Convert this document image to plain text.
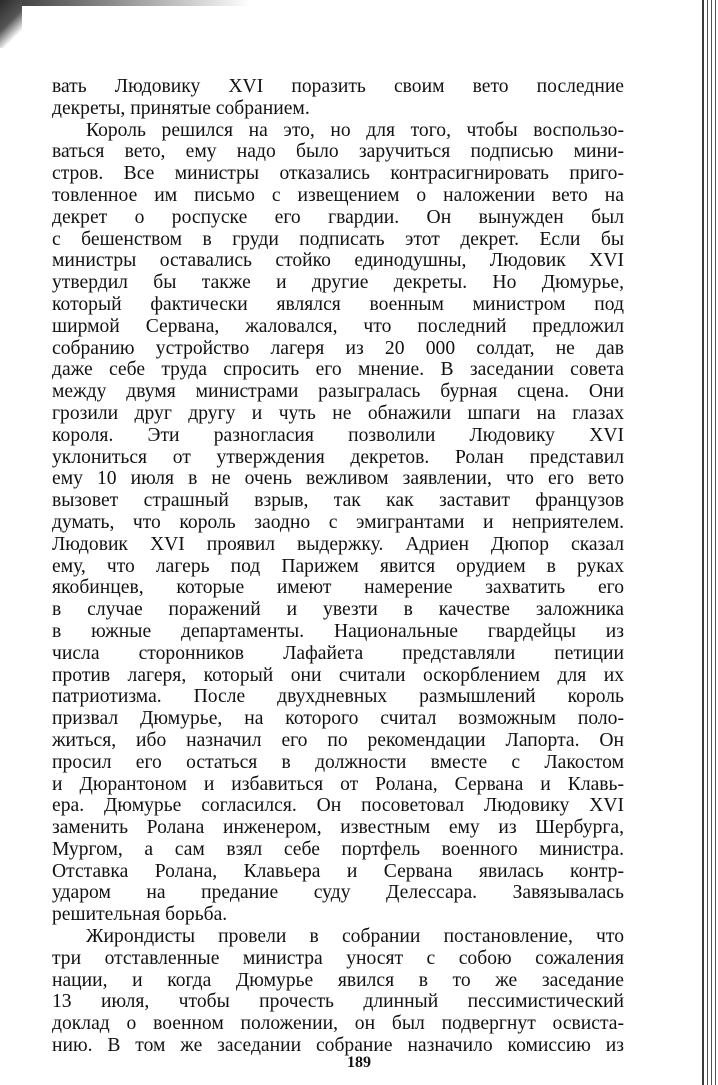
вать Людовику XVI поразить своим вето последние
декреты, принятые собранием.
Король решился на это, но для того, чтобы воспользо-
ваться вето, ему надо было заручиться подписью мини-
стров. Все министры отказались контрасигнировать приго-
товленное им письмо с извещением о наложении вето на
декрет о роспуске его гвардии. Он вынужден был
с бешенством в груди подписать этот декрет. Если бы
министры оставались стойко единодушны, Людовик XVI
утвердил бы также и другие декреты. Но Дюмурье,
который фактически являлся военным министром под
ширмой Сервана, жаловался, что последний предложил
собранию устройство лагеря из 20 000 солдат, не дав
даже себе труда спросить его мнение. В заседании совета
между двумя министрами разыгралась бурная сцена. Они
грозили друг другу и чуть не обнажили шпаги на глазах
короля. Эти разногласия позволили Людовику XVI
уклониться от утверждения декретов. Ролан представил
ему 10 июля в не очень вежливом заявлении, что его вето
вызовет страшный взрыв, так как заставит французов
думать, что король заодно с эмигрантами и неприятелем.
Людовик XVI проявил выдержку. Адриен Дюпор сказал
ему, что лагерь под Парижем явится орудием в руках
якобинцев, которые имеют намерение захватить его
в случае поражений и увезти в качестве заложника
в южные департаменты. Национальные гвардейцы из
числа сторонников Лафайета представляли петиции
против лагеря, который они считали оскорблением для их
патриотизма. После двухдневных размышлений король
призвал Дюмурье, на которого считал возможным поло-
житься, ибо назначил его по рекомендации Лапорта. Он
просил его остаться в должности вместе с Лакостом
и Дюрантоном и избавиться от Ролана, Сервана и Клавь-
ера. Дюмурье согласился. Он посоветовал Людовику XVI
заменить Ролана инженером, известным ему из Шербурга,
Мургом, а сам взял себе портфель военного министра.
Отставка Ролана, Клавьера и Сервана явилась контр-
ударом на предание суду Делессара. Завязывалась
решительная борьба.
Жирондисты провели в собрании постановление, что
три отставленные министра уносят с собою сожаления
нации, и когда Дюмурье явился в то же заседание
13 июля, чтобы прочесть длинный пессимистический
доклад о военном положении, он был подвергнут освиста-
нию. В том же заседании собрание назначило комиссию из
189
